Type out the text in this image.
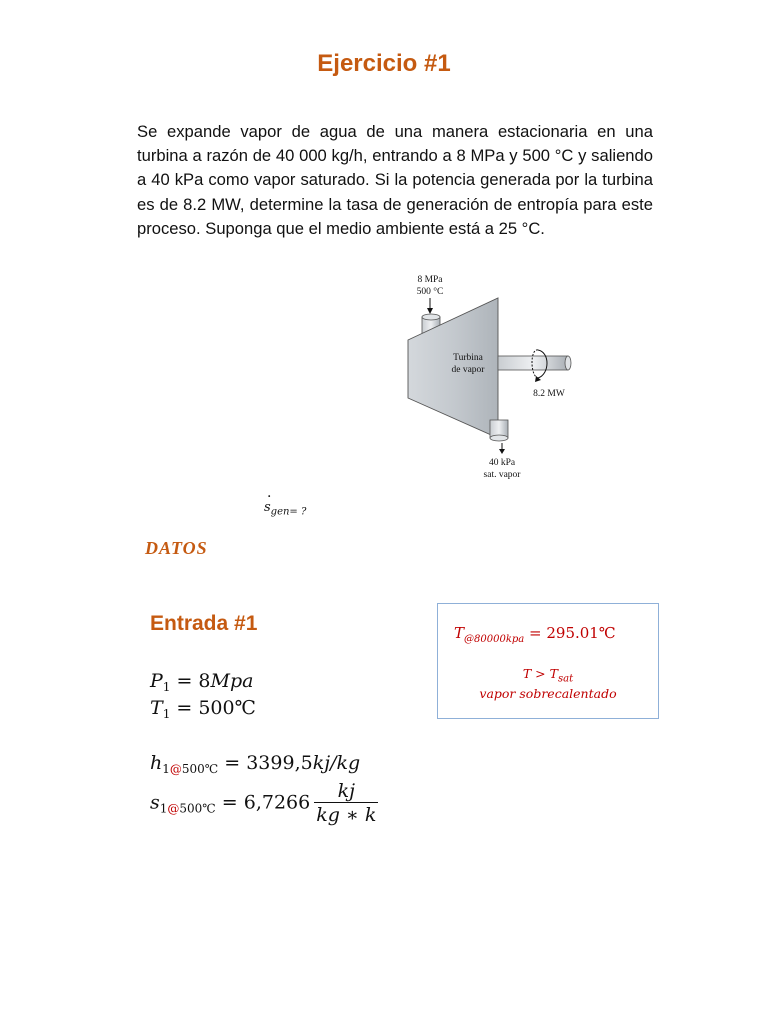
Ejercicio #1
Se expande vapor de agua de una manera estacionaria en una turbina a razón de 40 000 kg/h, entrando a 8 MPa y 500 °C y saliendo a 40 kPa como vapor saturado. Si la potencia generada por la turbina es de 8.2 MW, determine la tasa de generación de entropía para este proceso. Suponga que el medio ambiente está a 25 °C.
8 MPa
500 °C
Turbina
de vapor
8.2 MW
40 kPa
sat. vapor
· $s_{gen= ?}$
DATOS
Entrada #1
$P_1 = 8Mpa$
$T_1$ = 500℃
$h_{1@500℃} = 3399,5kj/kg$
$s_{1@500℃} = 6,7266 \frac{kj}{kg ∗ k}$
$T_{@80000kpa}$ = 295.01℃
$T > T_{sat}$
vapor sobrecalentado
